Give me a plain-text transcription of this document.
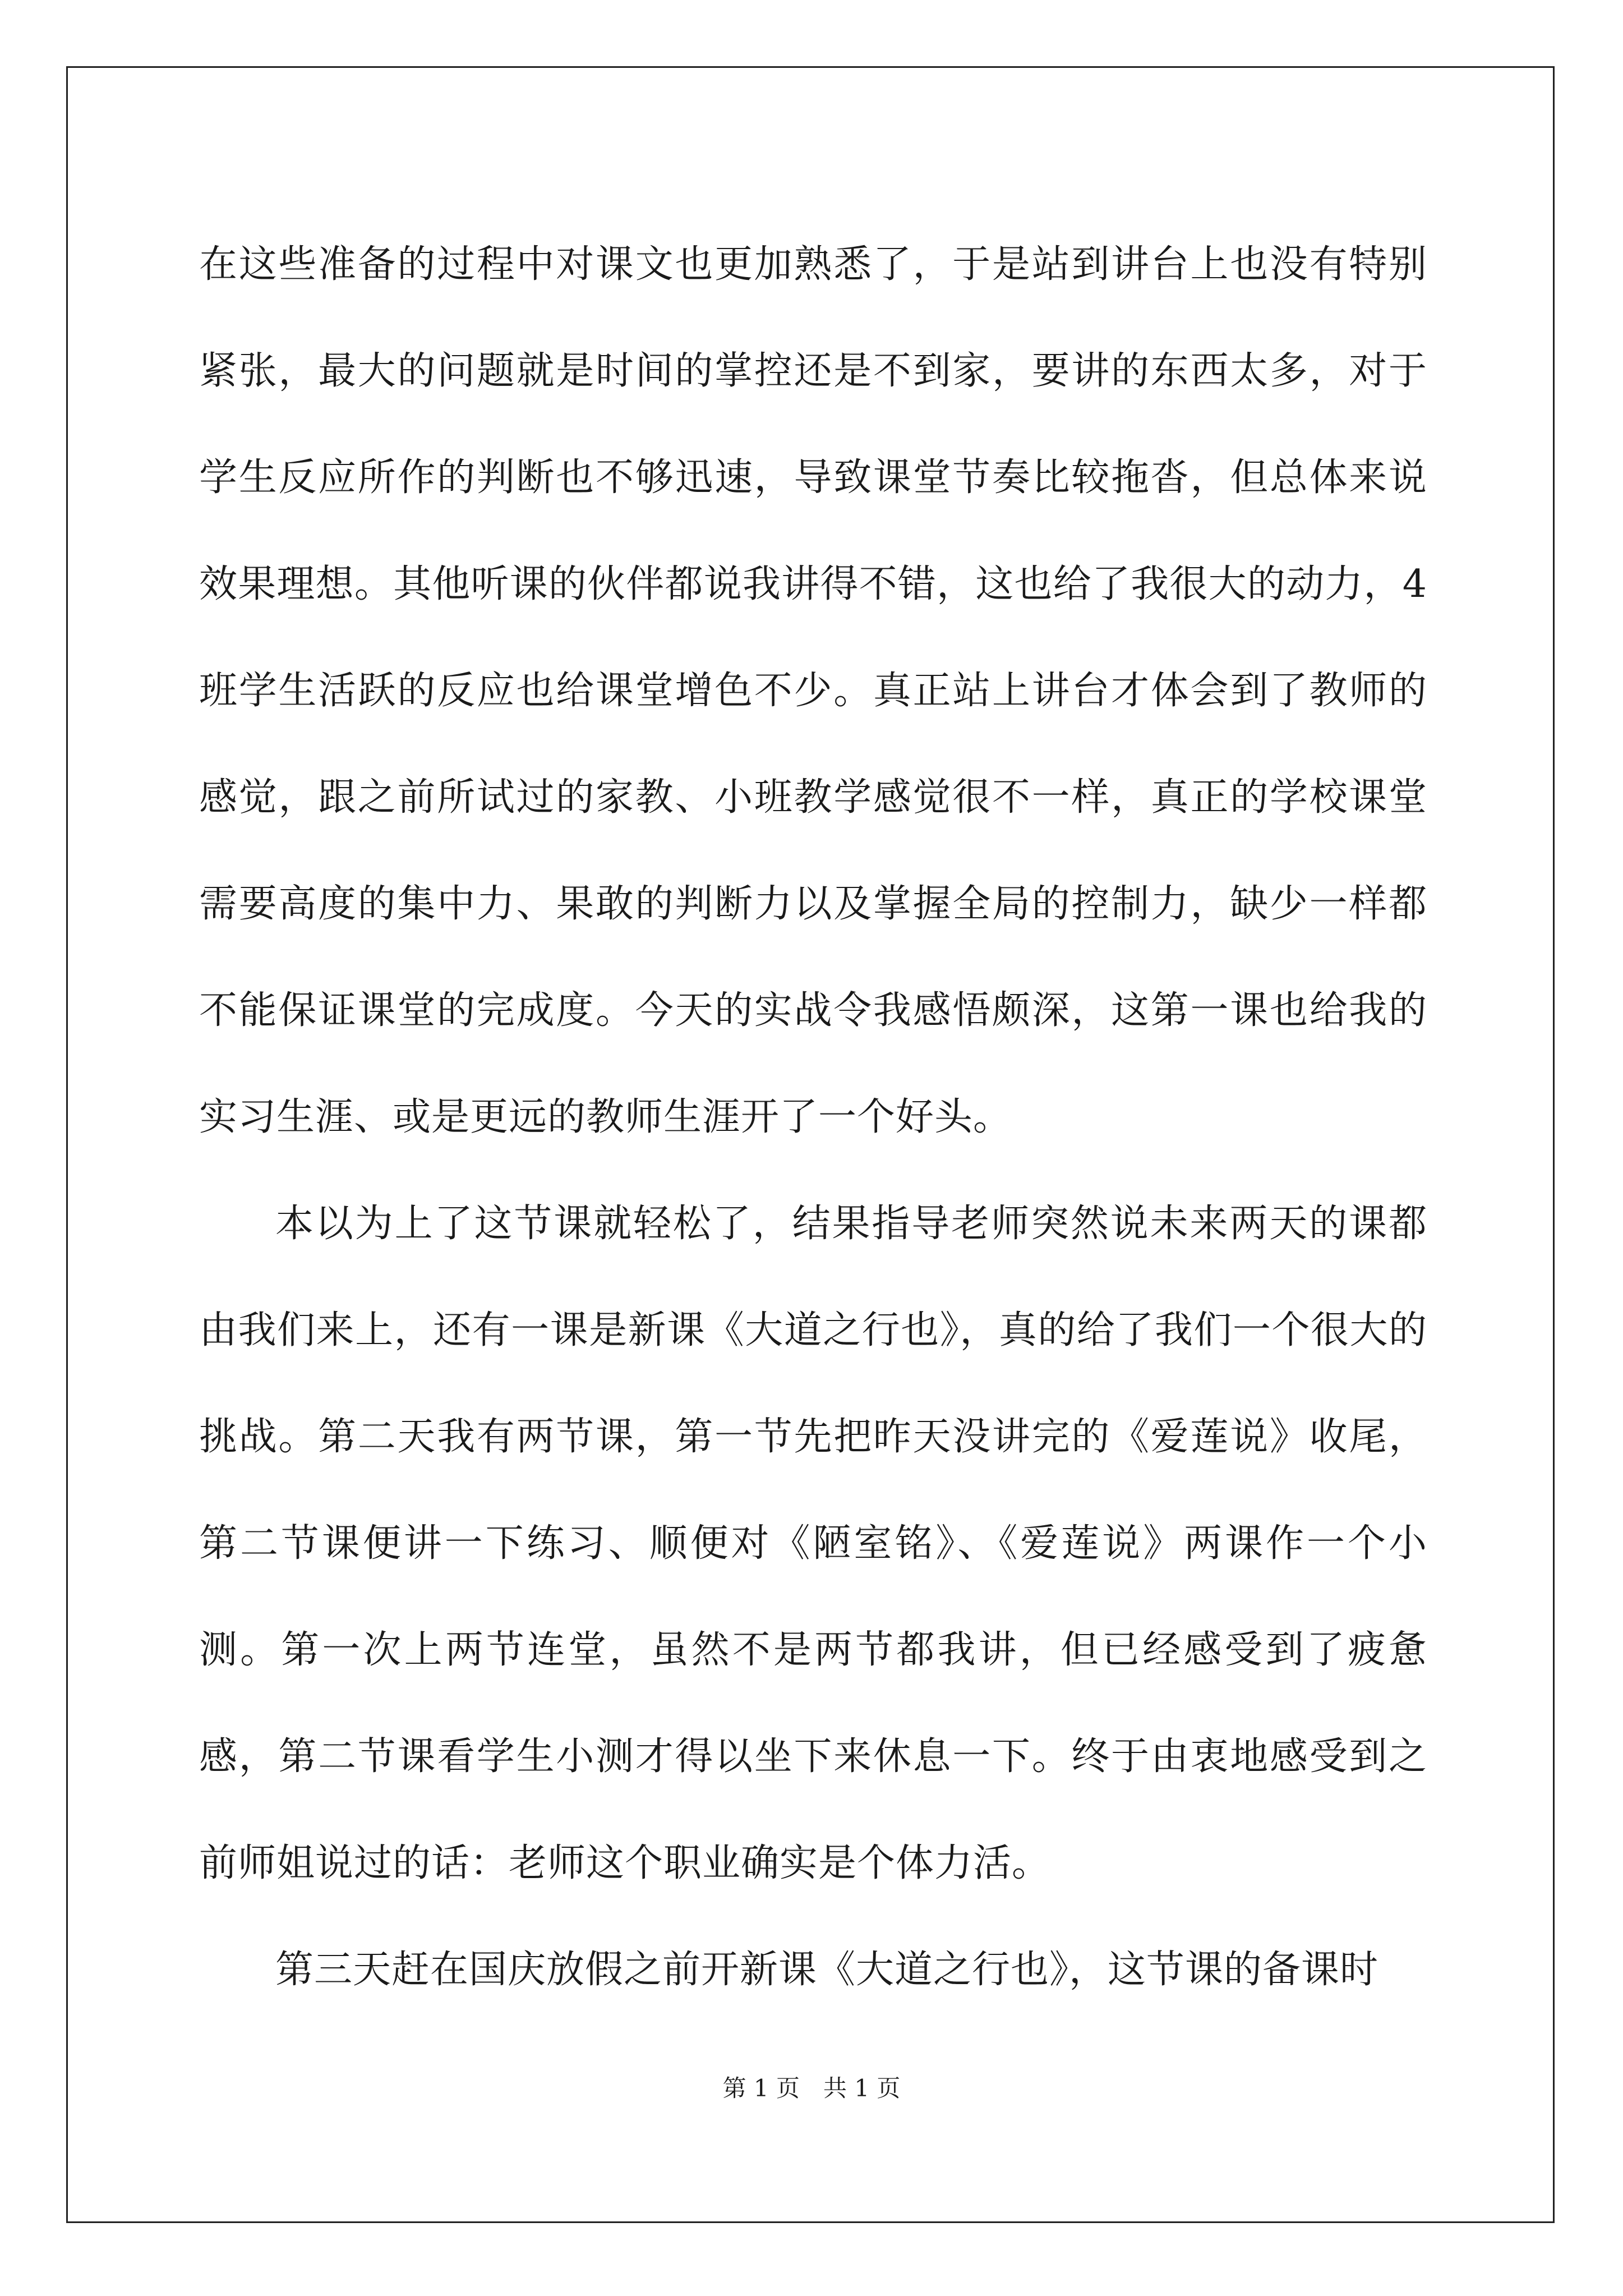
在这些准备的过程中对课文也更加熟悉了，于是站到讲台上也没有特别紧张，最大的问题就是时间的掌控还是不到家，要讲的东西太多，对于学生反应所作的判断也不够迅速，导致课堂节奏比较拖沓，但总体来说效果理想。其他听课的伙伴都说我讲得不错，这也给了我很大的动力，4 班学生活跃的反应也给课堂增色不少。真正站上讲台才体会到了教师的感觉，跟之前所试过的家教、小班教学感觉很不一样，真正的学校课堂需要高度的集中力、果敢的判断力以及掌握全局的控制力，缺少一样都不能保证课堂的完成度。今天的实战令我感悟颇深，这第一课也给我的实习生涯、或是更远的教师生涯开了一个好头。

本以为上了这节课就轻松了，结果指导老师突然说未来两天的课都由我们来上，还有一课是新课《大道之行也》，真的给了我们一个很大的挑战。第二天我有两节课，第一节先把昨天没讲完的《爱莲说》收尾，第二节课便讲一下练习、顺便对《陋室铭》、《爱莲说》两课作一个小测。第一次上两节连堂，虽然不是两节都我讲，但已经感受到了疲惫感，第二节课看学生小测才得以坐下来休息一下。终于由衷地感受到之前师姐说过的话：老师这个职业确实是个体力活。

第三天赶在国庆放假之前开新课《大道之行也》，这节课的备课时

第 1 页 共 1 页
